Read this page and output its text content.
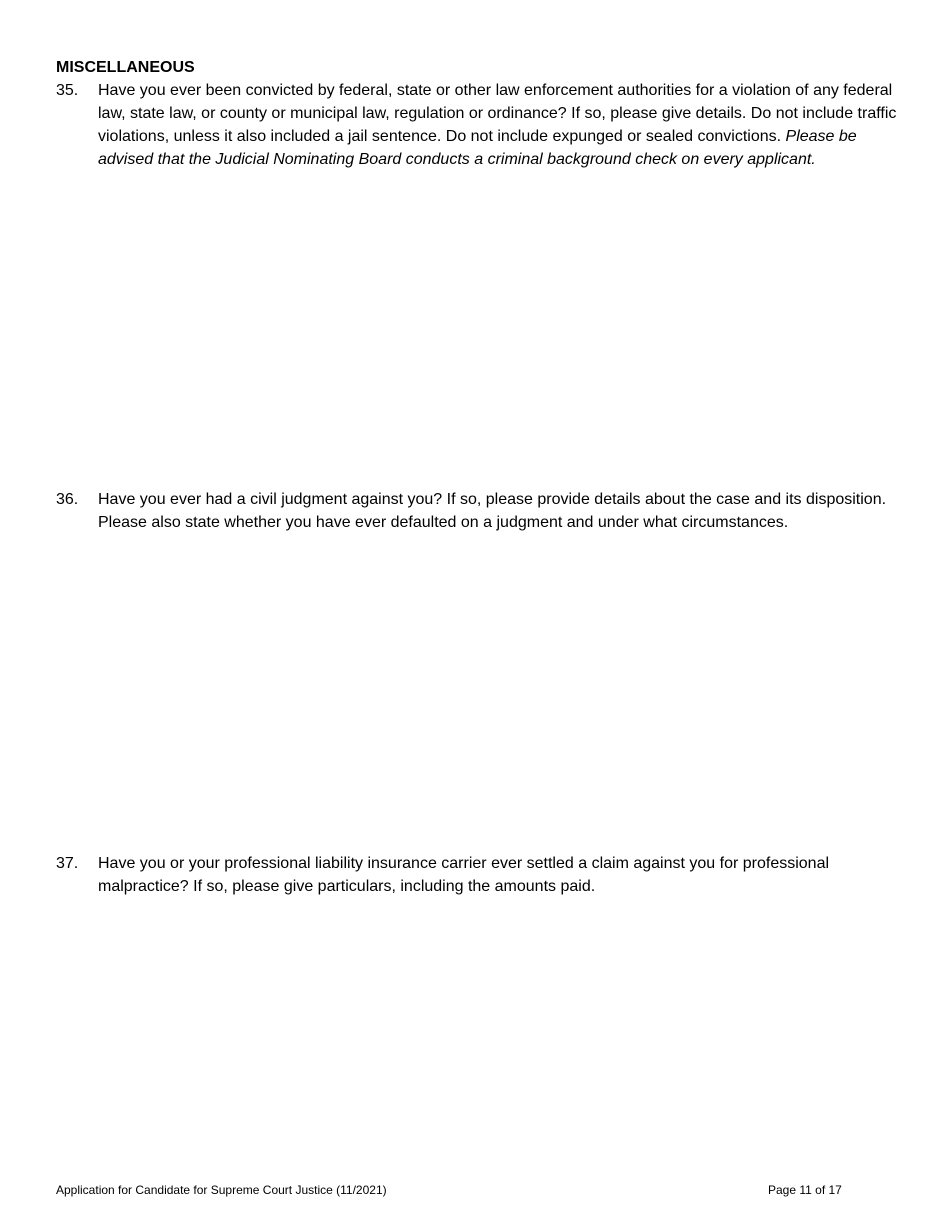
MISCELLANEOUS
35.	Have you ever been convicted by federal, state or other law enforcement authorities for a violation of any federal law, state law, or county or municipal law, regulation or ordinance? If so, please give details. Do not include traffic violations, unless it also included a jail sentence. Do not include expunged or sealed convictions. Please be advised that the Judicial Nominating Board conducts a criminal background check on every applicant.
36.	Have you ever had a civil judgment against you? If so, please provide details about the case and its disposition. Please also state whether you have ever defaulted on a judgment and under what circumstances.
37.	Have you or your professional liability insurance carrier ever settled a claim against you for professional malpractice? If so, please give particulars, including the amounts paid.
Application for Candidate for Supreme Court Justice (11/2021)	Page 11 of 17
